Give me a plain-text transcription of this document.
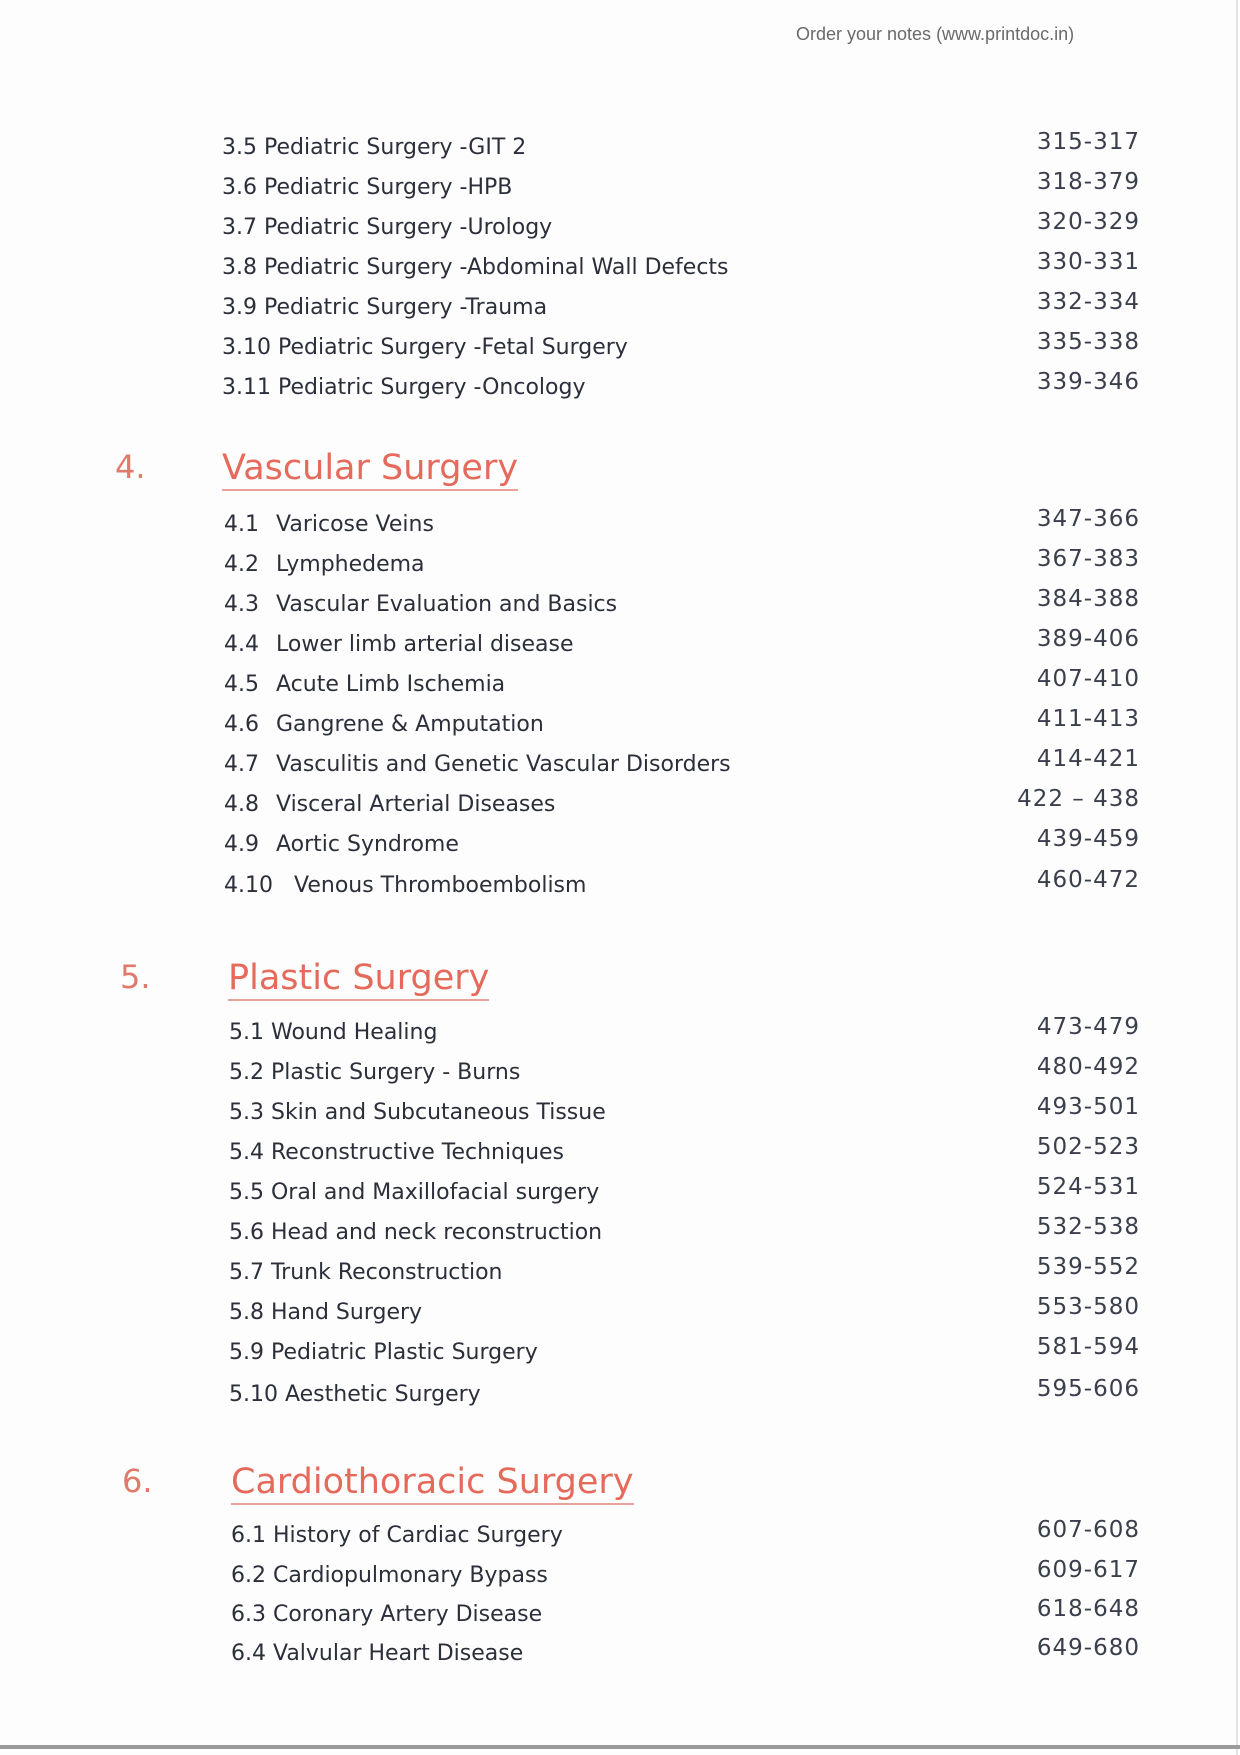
Order your notes (www.printdoc.in)
3.5 Pediatric Surgery -GIT 2	315-317
3.6 Pediatric Surgery -HPB	318-379
3.7 Pediatric Surgery -Urology	320-329
3.8 Pediatric Surgery -Abdominal Wall Defects	330-331
3.9 Pediatric Surgery -Trauma	332-334
3.10 Pediatric Surgery -Fetal Surgery	335-338
3.11 Pediatric Surgery -Oncology	339-346
4. Vascular Surgery
4.1 Varicose Veins	347-366
4.2 Lymphedema	367-383
4.3 Vascular Evaluation and Basics	384-388
4.4 Lower limb arterial disease	389-406
4.5 Acute Limb Ischemia	407-410
4.6 Gangrene & Amputation	411-413
4.7 Vasculitis and Genetic Vascular Disorders	414-421
4.8 Visceral Arterial Diseases	422 – 438
4.9 Aortic Syndrome	439-459
4.10 Venous Thromboembolism	460-472
5. Plastic Surgery
5.1 Wound Healing	473-479
5.2 Plastic Surgery - Burns	480-492
5.3 Skin and Subcutaneous Tissue	493-501
5.4 Reconstructive Techniques	502-523
5.5 Oral and Maxillofacial surgery	524-531
5.6 Head and neck reconstruction	532-538
5.7 Trunk Reconstruction	539-552
5.8 Hand Surgery	553-580
5.9 Pediatric Plastic Surgery	581-594
5.10 Aesthetic Surgery	595-606
6. Cardiothoracic Surgery
6.1 History of Cardiac Surgery	607-608
6.2 Cardiopulmonary Bypass	609-617
6.3 Coronary Artery Disease	618-648
6.4 Valvular Heart Disease	649-680
